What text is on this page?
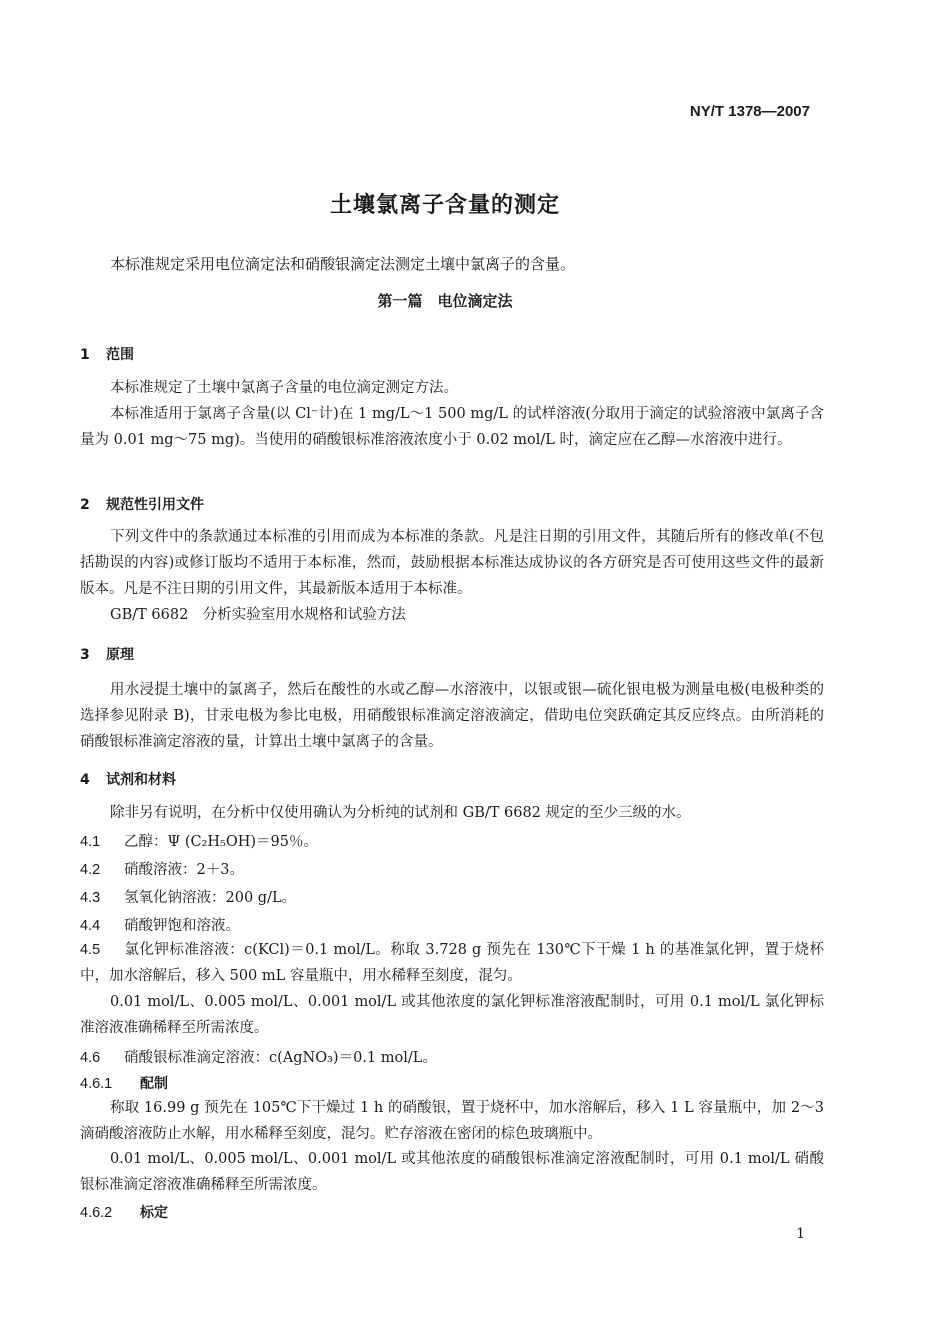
NY/T 1378—2007
土壤氯离子含量的测定
本标准规定采用电位滴定法和硝酸银滴定法测定土壤中氯离子的含量。
第一篇　电位滴定法
1 范围
本标准规定了土壤中氯离子含量的电位滴定测定方法。
本标准适用于氯离子含量(以 Cl⁻计)在 1 mg/L～1 500 mg/L 的试样溶液(分取用于滴定的试验溶液中氯离子含量为 0.01 mg～75 mg)。当使用的硝酸银标准溶液浓度小于 0.02 mol/L 时，滴定应在乙醇—水溶液中进行。
2 规范性引用文件
下列文件中的条款通过本标准的引用而成为本标准的条款。凡是注日期的引用文件，其随后所有的修改单(不包括勘误的内容)或修订版均不适用于本标准，然而，鼓励根据本标准达成协议的各方研究是否可使用这些文件的最新版本。凡是不注日期的引用文件，其最新版本适用于本标准。
GB/T 6682　分析实验室用水规格和试验方法
3 原理
用水浸提土壤中的氯离子，然后在酸性的水或乙醇—水溶液中，以银或银—硫化银电极为测量电极(电极种类的选择参见附录 B)，甘汞电极为参比电极，用硝酸银标准滴定溶液滴定，借助电位突跃确定其反应终点。由所消耗的硝酸银标准滴定溶液的量，计算出土壤中氯离子的含量。
4 试剂和材料
除非另有说明，在分析中仅使用确认为分析纯的试剂和 GB/T 6682 规定的至少三级的水。
4.1 乙醇：Ψ (C₂H₅OH)＝95％。
4.2 硝酸溶液：2＋3。
4.3 氢氧化钠溶液：200 g/L。
4.4 硝酸钾饱和溶液。
4.5 氯化钾标准溶液：c(KCl)＝0.1 mol/L。称取 3.728 g 预先在 130℃下干燥 1 h 的基准氯化钾，置于烧杯中，加水溶解后，移入 500 mL 容量瓶中，用水稀释至刻度，混匀。
0.01 mol/L、0.005 mol/L、0.001 mol/L 或其他浓度的氯化钾标准溶液配制时，可用 0.1 mol/L 氯化钾标准溶液准确稀释至所需浓度。
4.6 硝酸银标准滴定溶液：c(AgNO₃)＝0.1 mol/L。
4.6.1 配制
称取 16.99 g 预先在 105℃下干燥过 1 h 的硝酸银，置于烧杯中，加水溶解后，移入 1 L 容量瓶中，加 2～3 滴硝酸溶液防止水解，用水稀释至刻度，混匀。贮存溶液在密闭的棕色玻璃瓶中。
0.01 mol/L、0.005 mol/L、0.001 mol/L 或其他浓度的硝酸银标准滴定溶液配制时，可用 0.1 mol/L 硝酸银标准滴定溶液准确稀释至所需浓度。
4.6.2 标定
1
